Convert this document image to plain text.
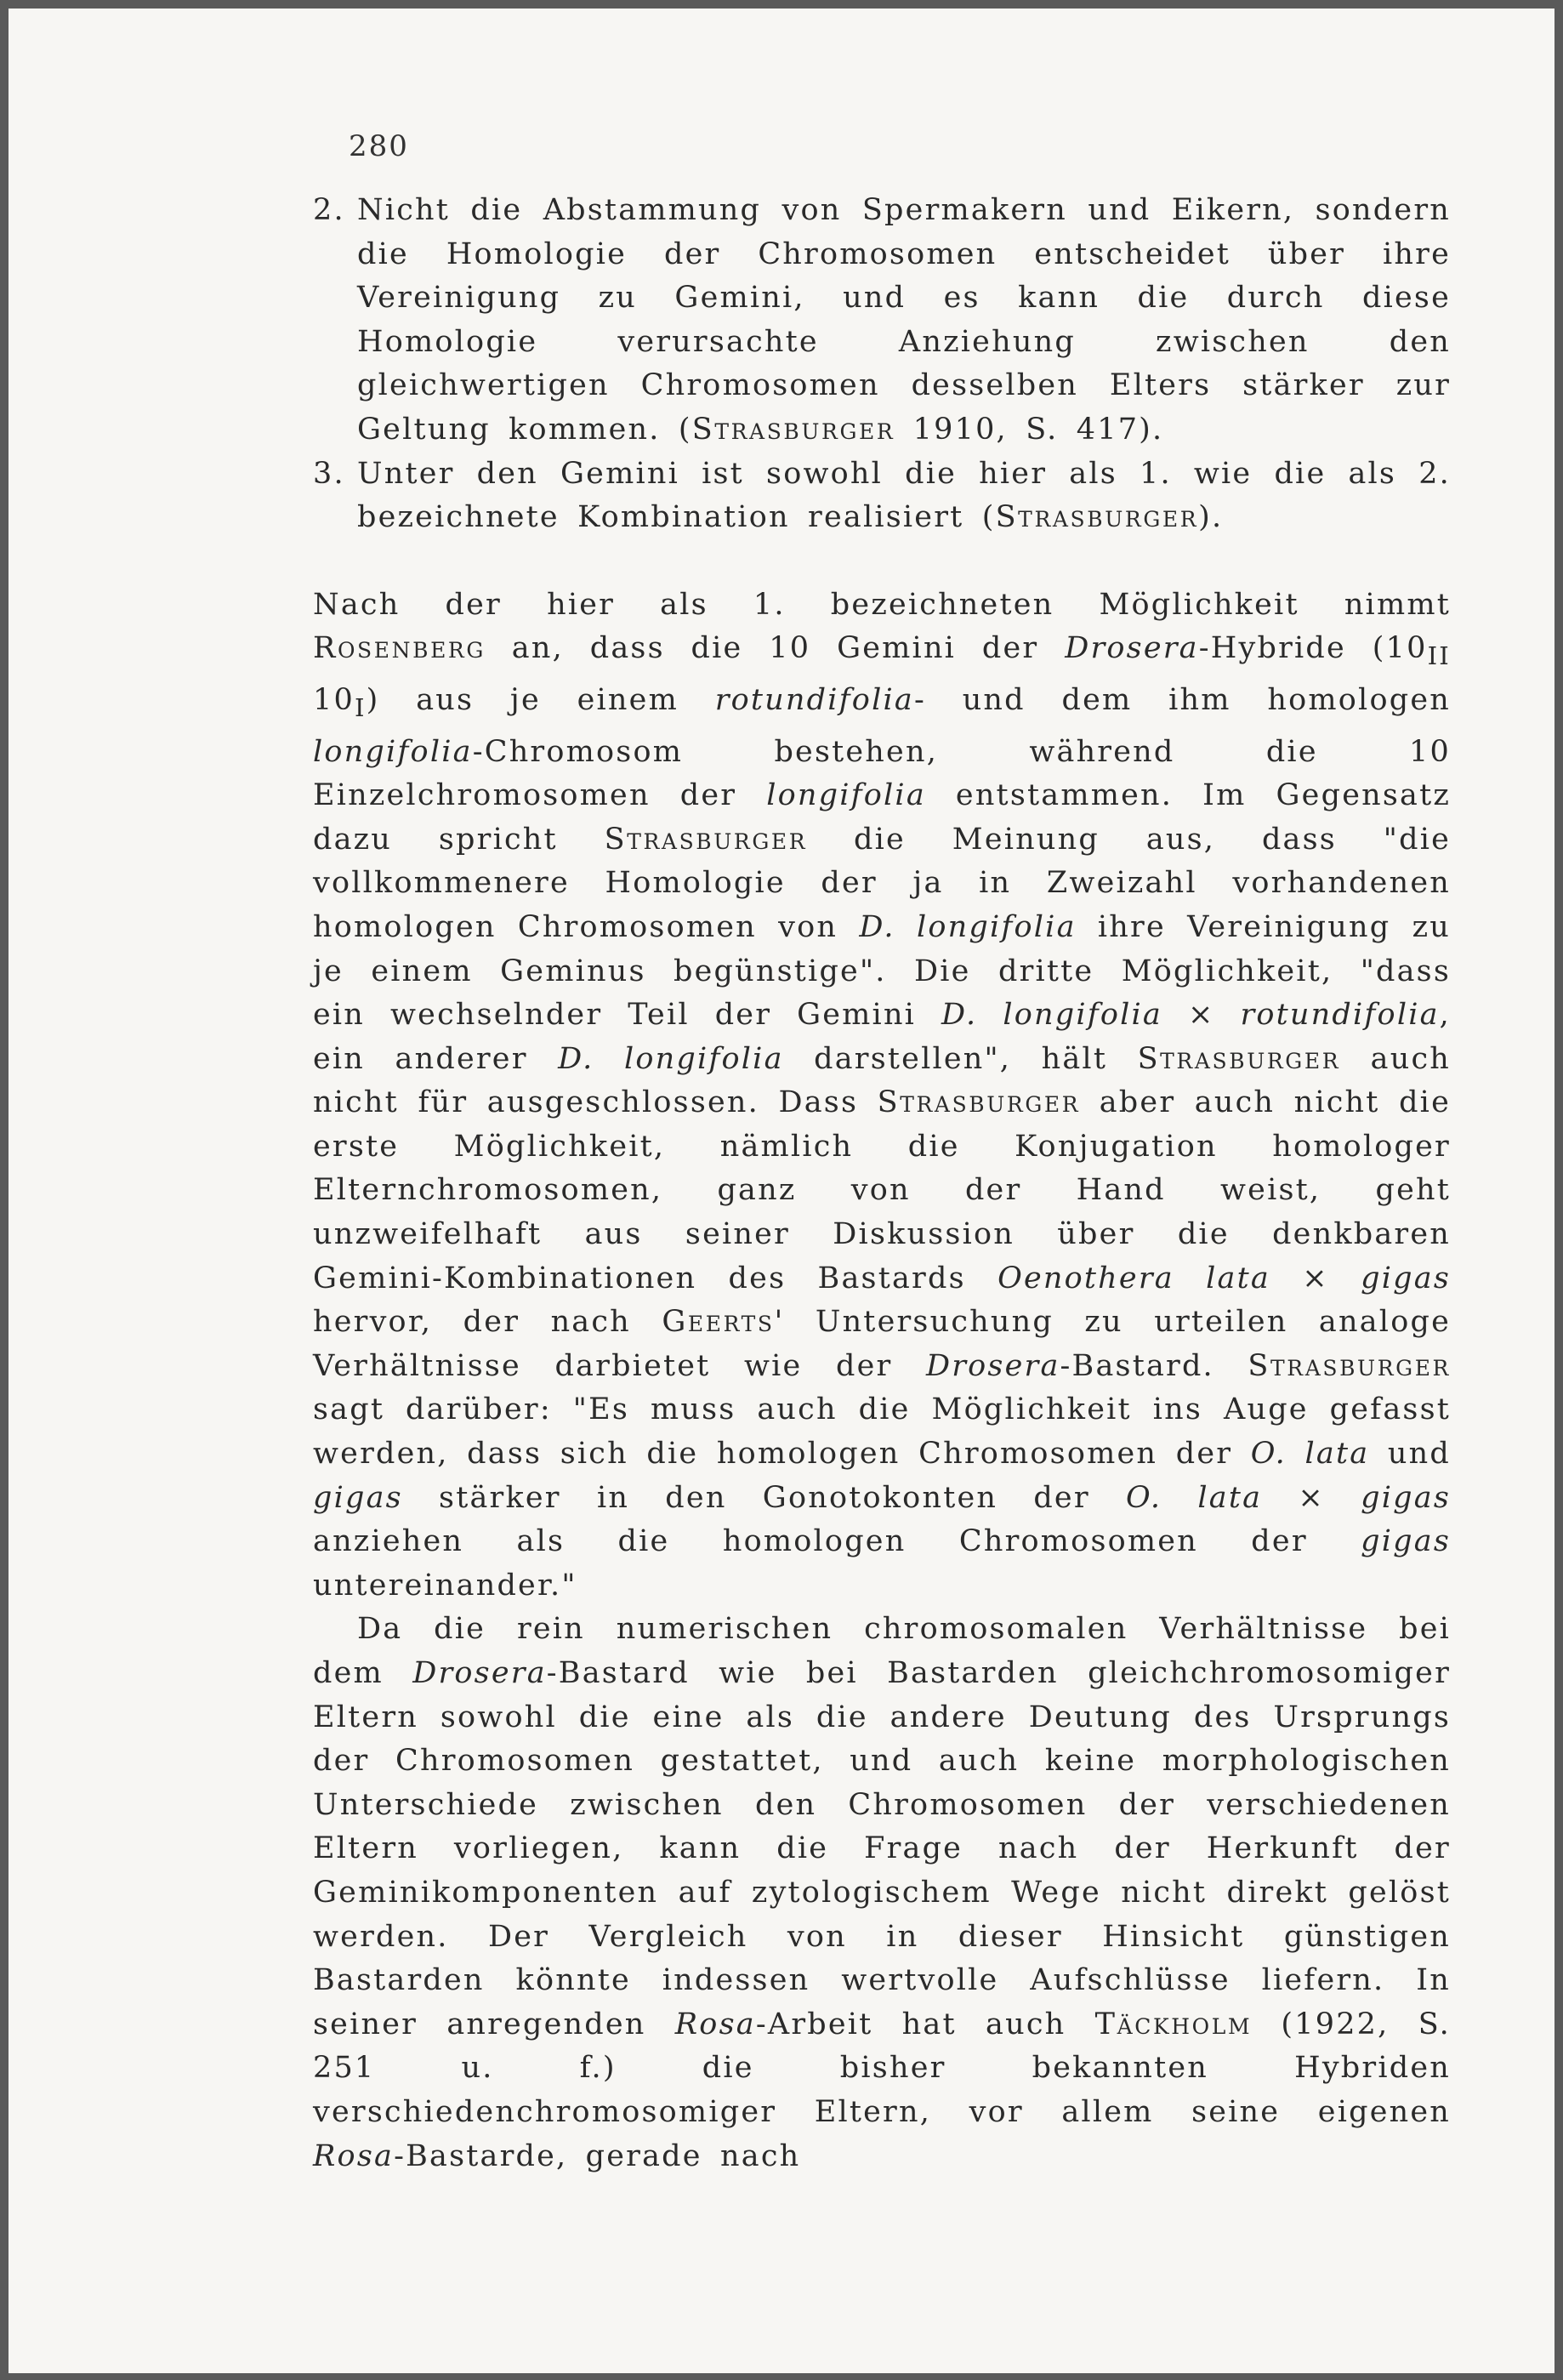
280

2. Nicht die Abstammung von Spermakern und Eikern, sondern die Homologie der Chromosomen entscheidet über ihre Vereinigung zu Gemini, und es kann die durch diese Homologie verursachte Anziehung zwischen den gleichwertigen Chromosomen desselben Elters stärker zur Geltung kommen. (Strasburger 1910, S. 417).

3. Unter den Gemini ist sowohl die hier als 1. wie die als 2. bezeichnete Kombination realisiert (Strasburger).

Nach der hier als 1. bezeichneten Möglichkeit nimmt Rosenberg an, dass die 10 Gemini der Drosera-Hybride ($10_{II}$ $10_I$) aus je einem rotundifolia- und dem ihm homologen longifolia-Chromosom bestehen, während die 10 Einzelchromosomen der longifolia entstammen. Im Gegensatz dazu spricht Strasburger die Meinung aus, dass "die vollkommenere Homologie der ja in Zweizahl vorhandenen homologen Chromosomen von D. longifolia ihre Vereinigung zu je einem Geminus begünstige". Die dritte Möglichkeit, "dass ein wechselnder Teil der Gemini D. longifolia × rotundifolia, ein anderer D. longifolia darstellen", hält Strasburger auch nicht für ausgeschlossen. Dass Strasburger aber auch nicht die erste Möglichkeit, nämlich die Konjugation homologer Elternchromosomen, ganz von der Hand weist, geht unzweifelhaft aus seiner Diskussion über die denkbaren Gemini-Kombinationen des Bastards Oenothera lata × gigas hervor, der nach Geerts' Untersuchung zu urteilen analoge Verhältnisse darbietet wie der Drosera-Bastard. Strasburger sagt darüber: "Es muss auch die Möglichkeit ins Auge gefasst werden, dass sich die homologen Chromosomen der O. lata und gigas stärker in den Gonotokonten der O. lata × gigas anziehen als die homologen Chromosomen der gigas untereinander."

Da die rein numerischen chromosomalen Verhältnisse bei dem Drosera-Bastard wie bei Bastarden gleichchromosomiger Eltern sowohl die eine als die andere Deutung des Ursprungs der Chromosomen gestattet, und auch keine morphologischen Unterschiede zwischen den Chromosomen der verschiedenen Eltern vorliegen, kann die Frage nach der Herkunft der Geminikomponenten auf zytologischem Wege nicht direkt gelöst werden. Der Vergleich von in dieser Hinsicht günstigen Bastarden könnte indessen wertvolle Aufschlüsse liefern. In seiner anregenden Rosa-Arbeit hat auch Täckholm (1922, S. 251 u. f.) die bisher bekannten Hybriden verschiedenchromosomiger Eltern, vor allem seine eigenen Rosa-Bastarde, gerade nach
